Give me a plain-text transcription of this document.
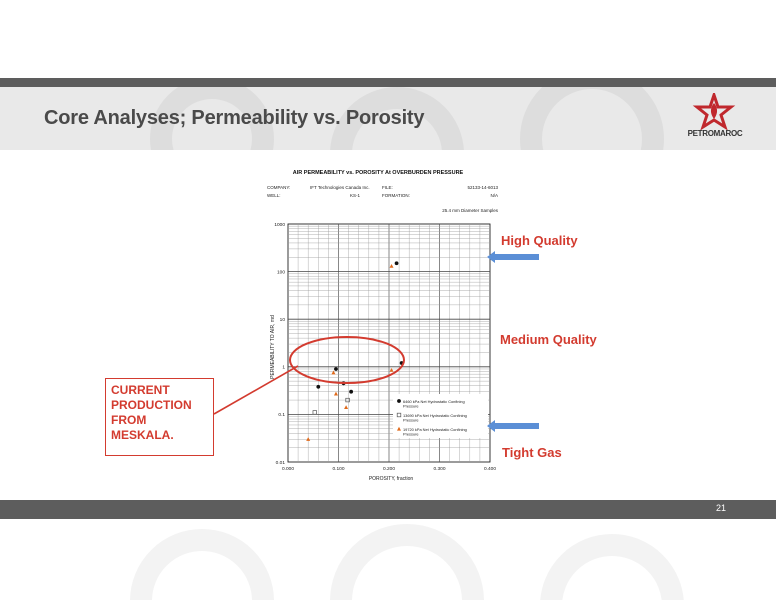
Core Analyses; Permeability vs. Porosity
PETROMAROC
AIR PERMEABILITY vs. POROSITY At OVERBURDEN PRESSURE
COMPANY:	IFT Technologies Canada Inc.
WELL:	KS-1
FILE:	52133-14-6013
FORMATION:	N/A
25.4 mm Diameter Samples
0.01
0.1
1
10
100
1000
0.000	0.100	0.200	0.300	0.400
6460 kPa Net Hydrostatic Confining
Pressure
13690 kPa Net Hydrostatic Confining
Pressure
19720 kPa Net Hydrostatic Confining
Pressure
POROSITY, fraction
PERMEABILITY TO AIR, md
High Quality
Medium Quality
Tight Gas
CURRENT
PRODUCTION
FROM
MESKALA.
21
